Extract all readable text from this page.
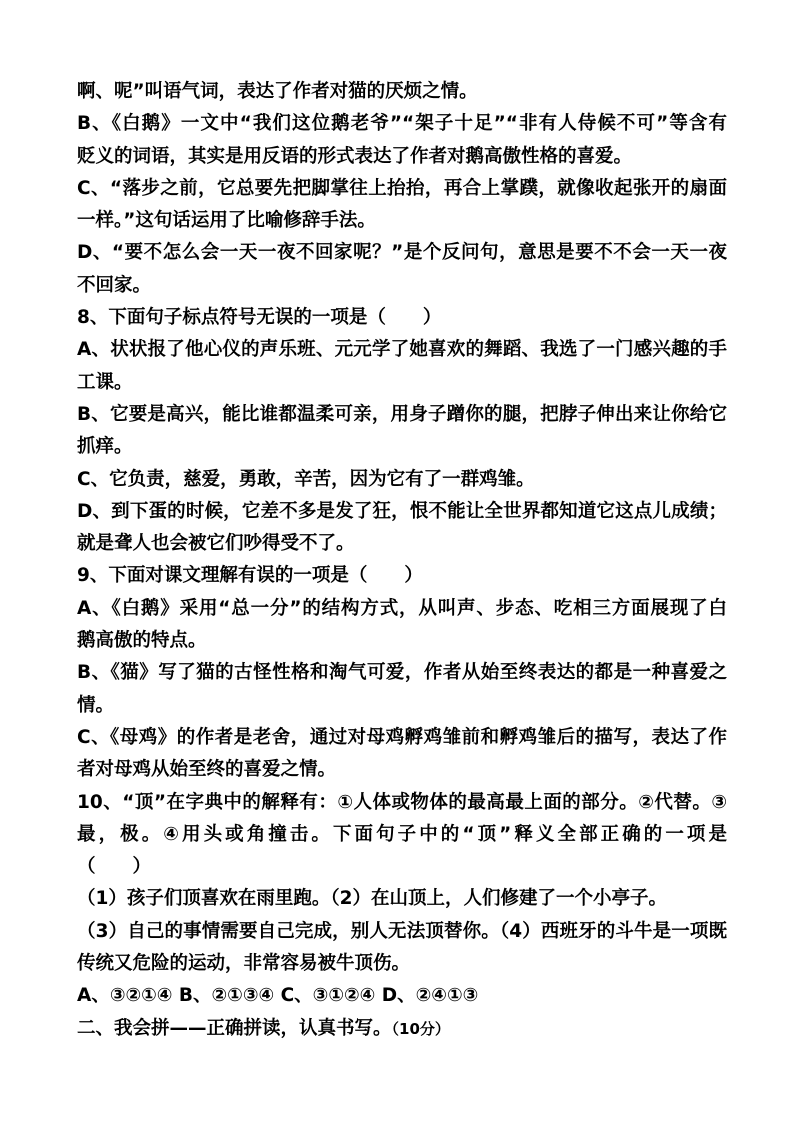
啊、呢”叫语气词，表达了作者对猫的厌烦之情。
B、《白鹅》一文中“我们这位鹅老爷”“架子十足”“非有人侍候不可”等含有
贬义的词语，其实是用反语的形式表达了作者对鹅高傲性格的喜爱。
C、“落步之前，它总要先把脚掌往上抬抬，再合上掌蹼，就像收起张开的扇面
一样。”这句话运用了比喻修辞手法。
D、“要不怎么会一天一夜不回家呢？”是个反问句，意思是要不不会一天一夜
不回家。
8、下面句子标点符号无误的一项是（　　）
A、状状报了他心仪的声乐班、元元学了她喜欢的舞蹈、我选了一门感兴趣的手
工课。
B、它要是高兴，能比谁都温柔可亲，用身子蹭你的腿，把脖子伸出来让你给它
抓痒。
C、它负责，慈爱，勇敢，辛苦，因为它有了一群鸡雏。
D、到下蛋的时候，它差不多是发了狂，恨不能让全世界都知道它这点儿成绩；
就是聋人也会被它们吵得受不了。
9、下面对课文理解有误的一项是（　　）
A、《白鹅》采用“总一分”的结构方式，从叫声、步态、吃相三方面展现了白
鹅高傲的特点。
B、《猫》写了猫的古怪性格和淘气可爱，作者从始至终表达的都是一种喜爱之
情。
C、《母鸡》的作者是老舍，通过对母鸡孵鸡雏前和孵鸡雏后的描写，表达了作
者对母鸡从始至终的喜爱之情。
10、“顶”在字典中的解释有：①人体或物体的最高最上面的部分。②代替。③
最，极。④用头或角撞击。下面句子中的“顶”释义全部正确的一项是
（　　）
（1）孩子们顶喜欢在雨里跑。（2）在山顶上，人们修建了一个小亭子。
（3）自己的事情需要自己完成，别人无法顶替你。（4）西班牙的斗牛是一项既
传统又危险的运动，非常容易被牛顶伤。
A、③②①④ B、②①③④ C、③①②④ D、②④①③
二、我会拼——正确拼读，认真书写。（10分）
